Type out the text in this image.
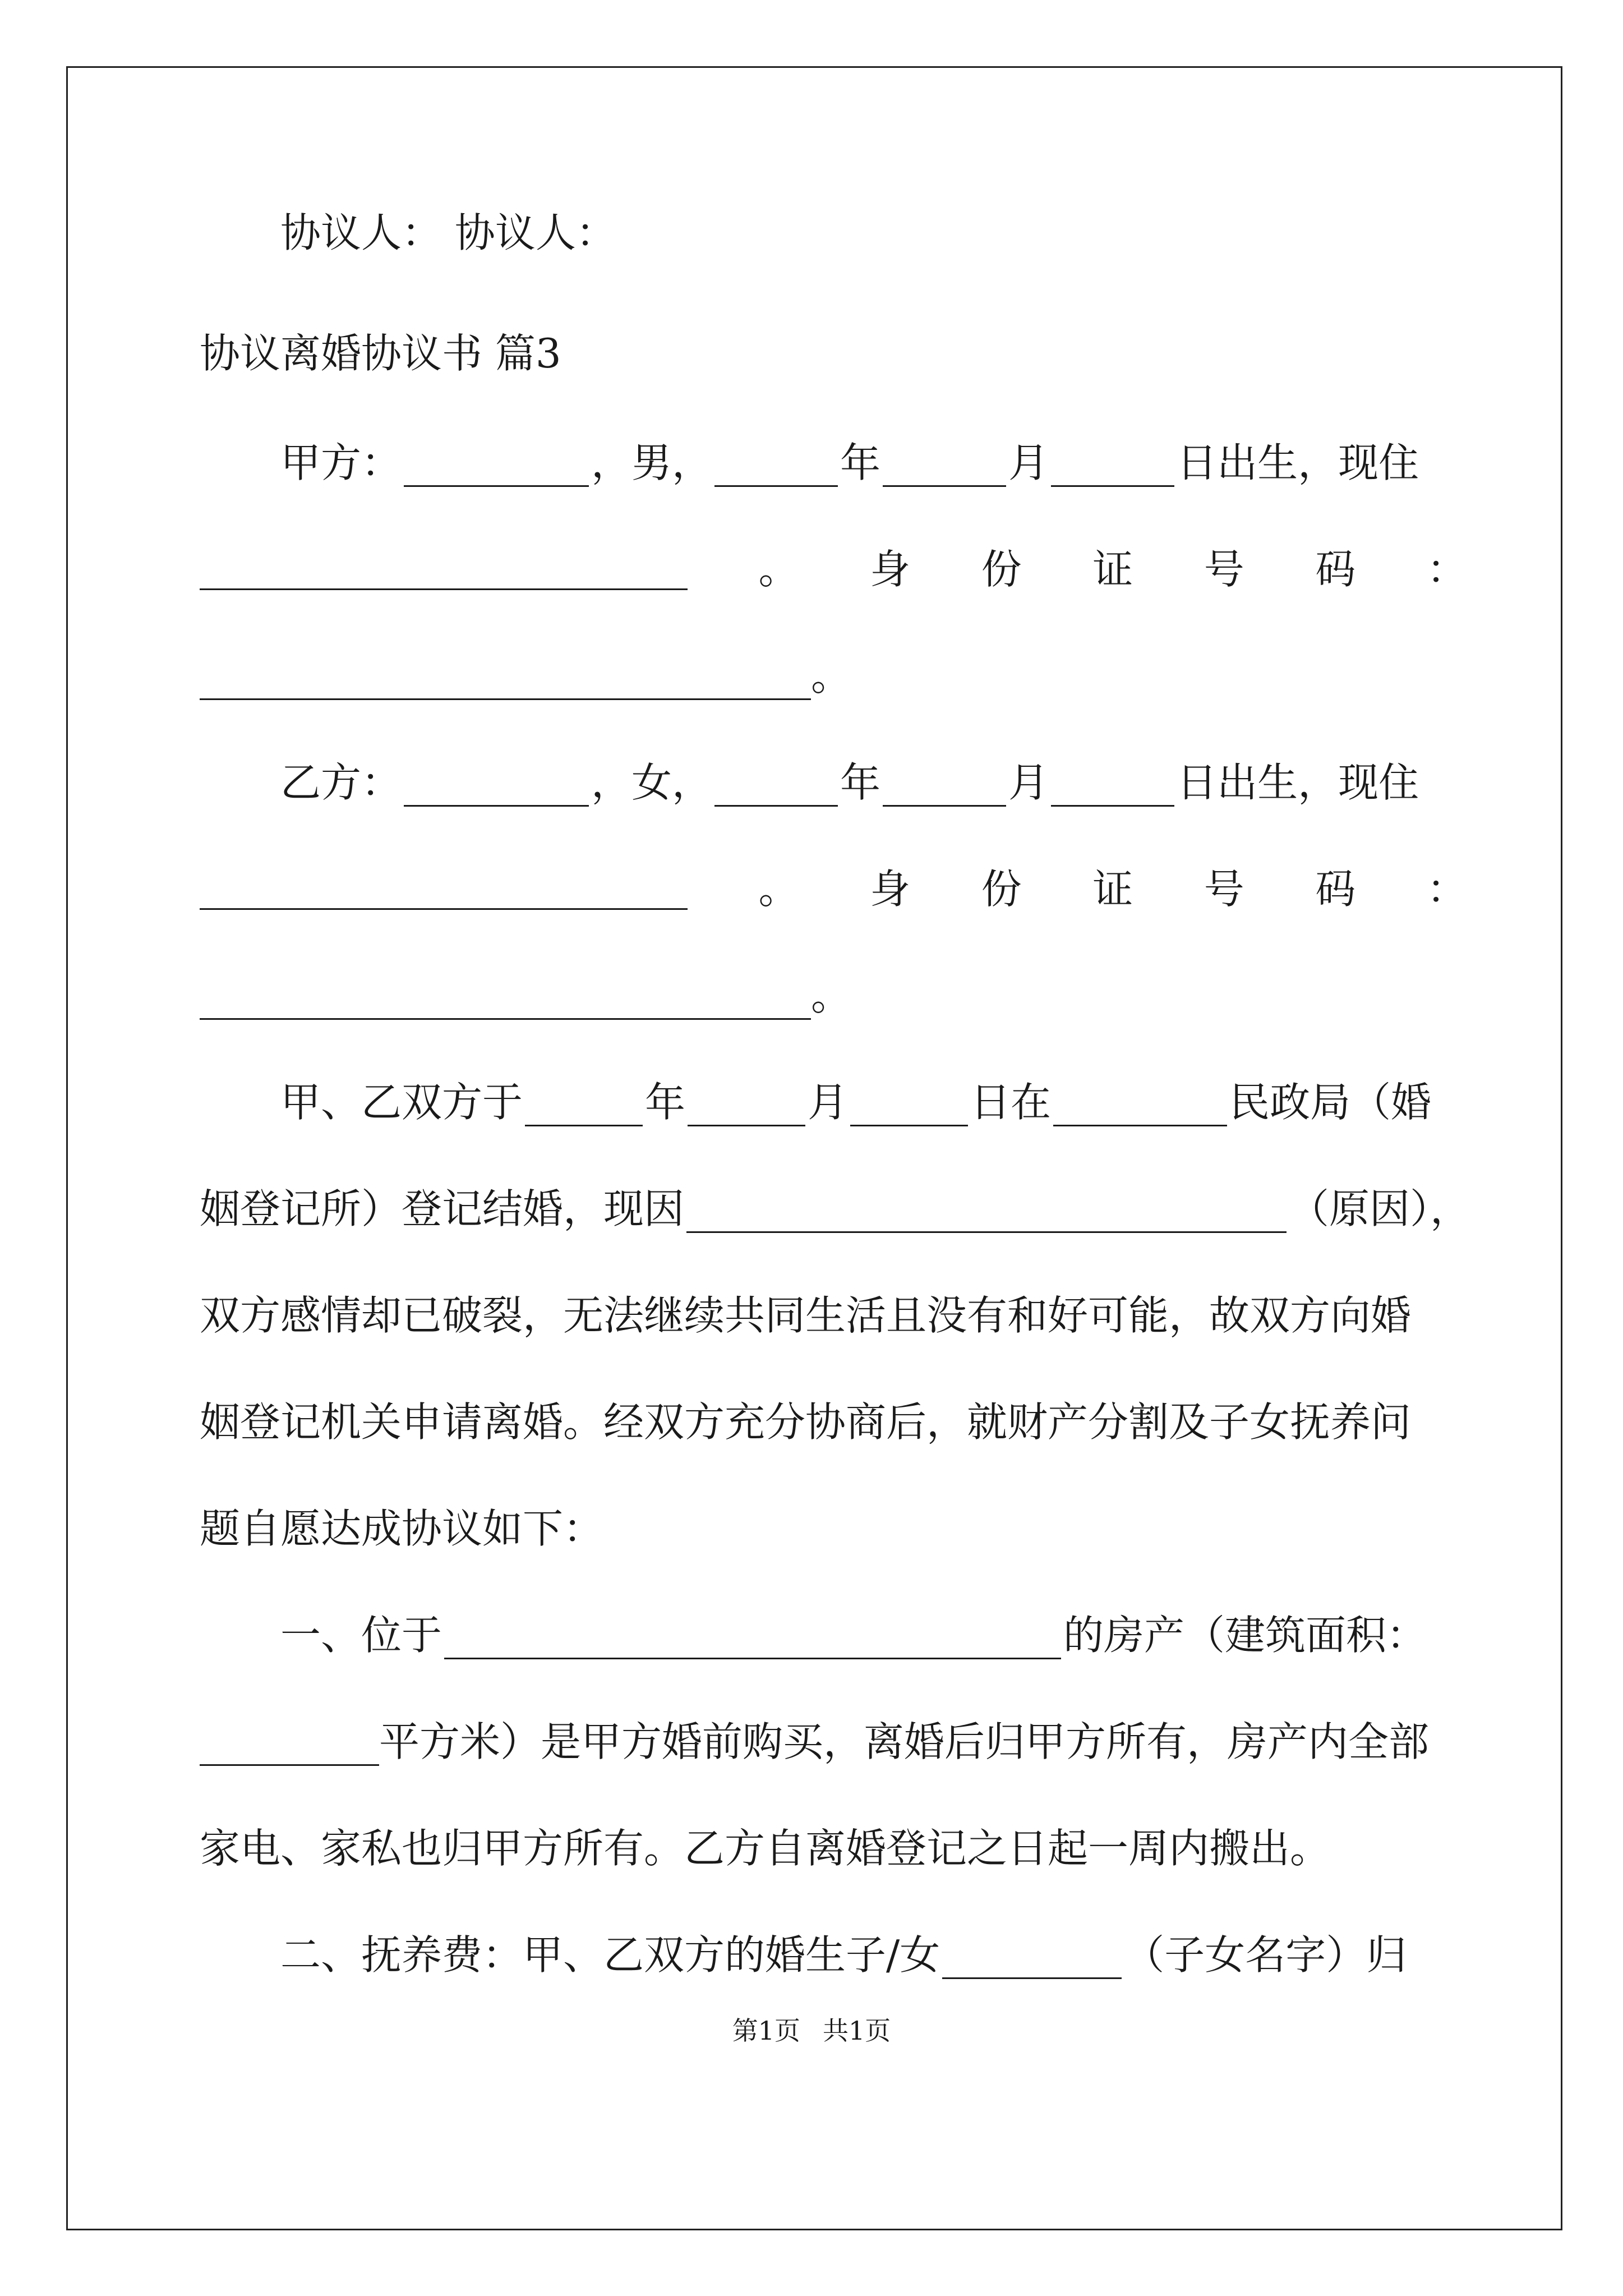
协议人： 协议人：
协议离婚协议书 篇3
甲方：	，男，	年	月	日出生，现住
。 身 份 证 号 码 ：
。
乙方：	，女，	年	月	日出生，现住
。 身 份 证 号 码 ：
。
甲、乙双方于	年	月	日在	民政局（婚
姻登记所）登记结婚，现因	（原因），
双方感情却已破裂，无法继续共同生活且没有和好可能，故双方向婚
姻登记机关申请离婚。经双方充分协商后，就财产分割及子女抚养问
题自愿达成协议如下：
一、位于	的房产（建筑面积：
平方米）是甲方婚前购买，离婚后归甲方所有，房产内全部
家电、家私也归甲方所有。乙方自离婚登记之日起一周内搬出。
二、抚养费：甲、乙双方的婚生子/女	（子女名字）归
第1页 共1页
